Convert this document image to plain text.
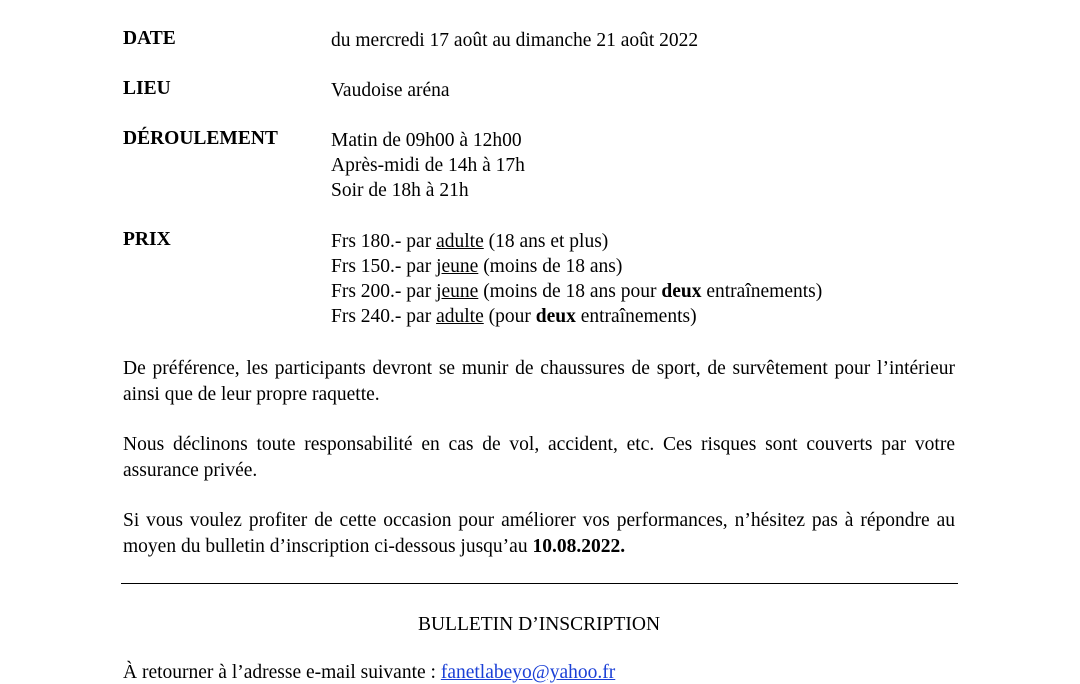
DATE	du mercredi 17 août au dimanche 21 août 2022
LIEU	Vaudoise aréna
DÉROULEMENT	Matin de 09h00 à 12h00
Après-midi de 14h à 17h
Soir de 18h à 21h
PRIX	Frs 180.- par adulte (18 ans et plus)
Frs 150.- par jeune (moins de 18 ans)
Frs 200.- par jeune (moins de 18 ans pour deux entraînements)
Frs 240.- par adulte (pour deux entraînements)
De préférence, les participants devront se munir de chaussures de sport, de survêtement pour l’intérieur ainsi que de leur propre raquette.
Nous déclinons toute responsabilité en cas de vol, accident, etc. Ces risques sont couverts par votre assurance privée.
Si vous voulez profiter de cette occasion pour améliorer vos performances, n’hésitez pas à répondre au moyen du bulletin d’inscription ci-dessous jusqu’au 10.08.2022.
BULLETIN D’INSCRIPTION
À retourner à l’adresse e-mail suivante : fanetlabeyo@yahoo.fr
